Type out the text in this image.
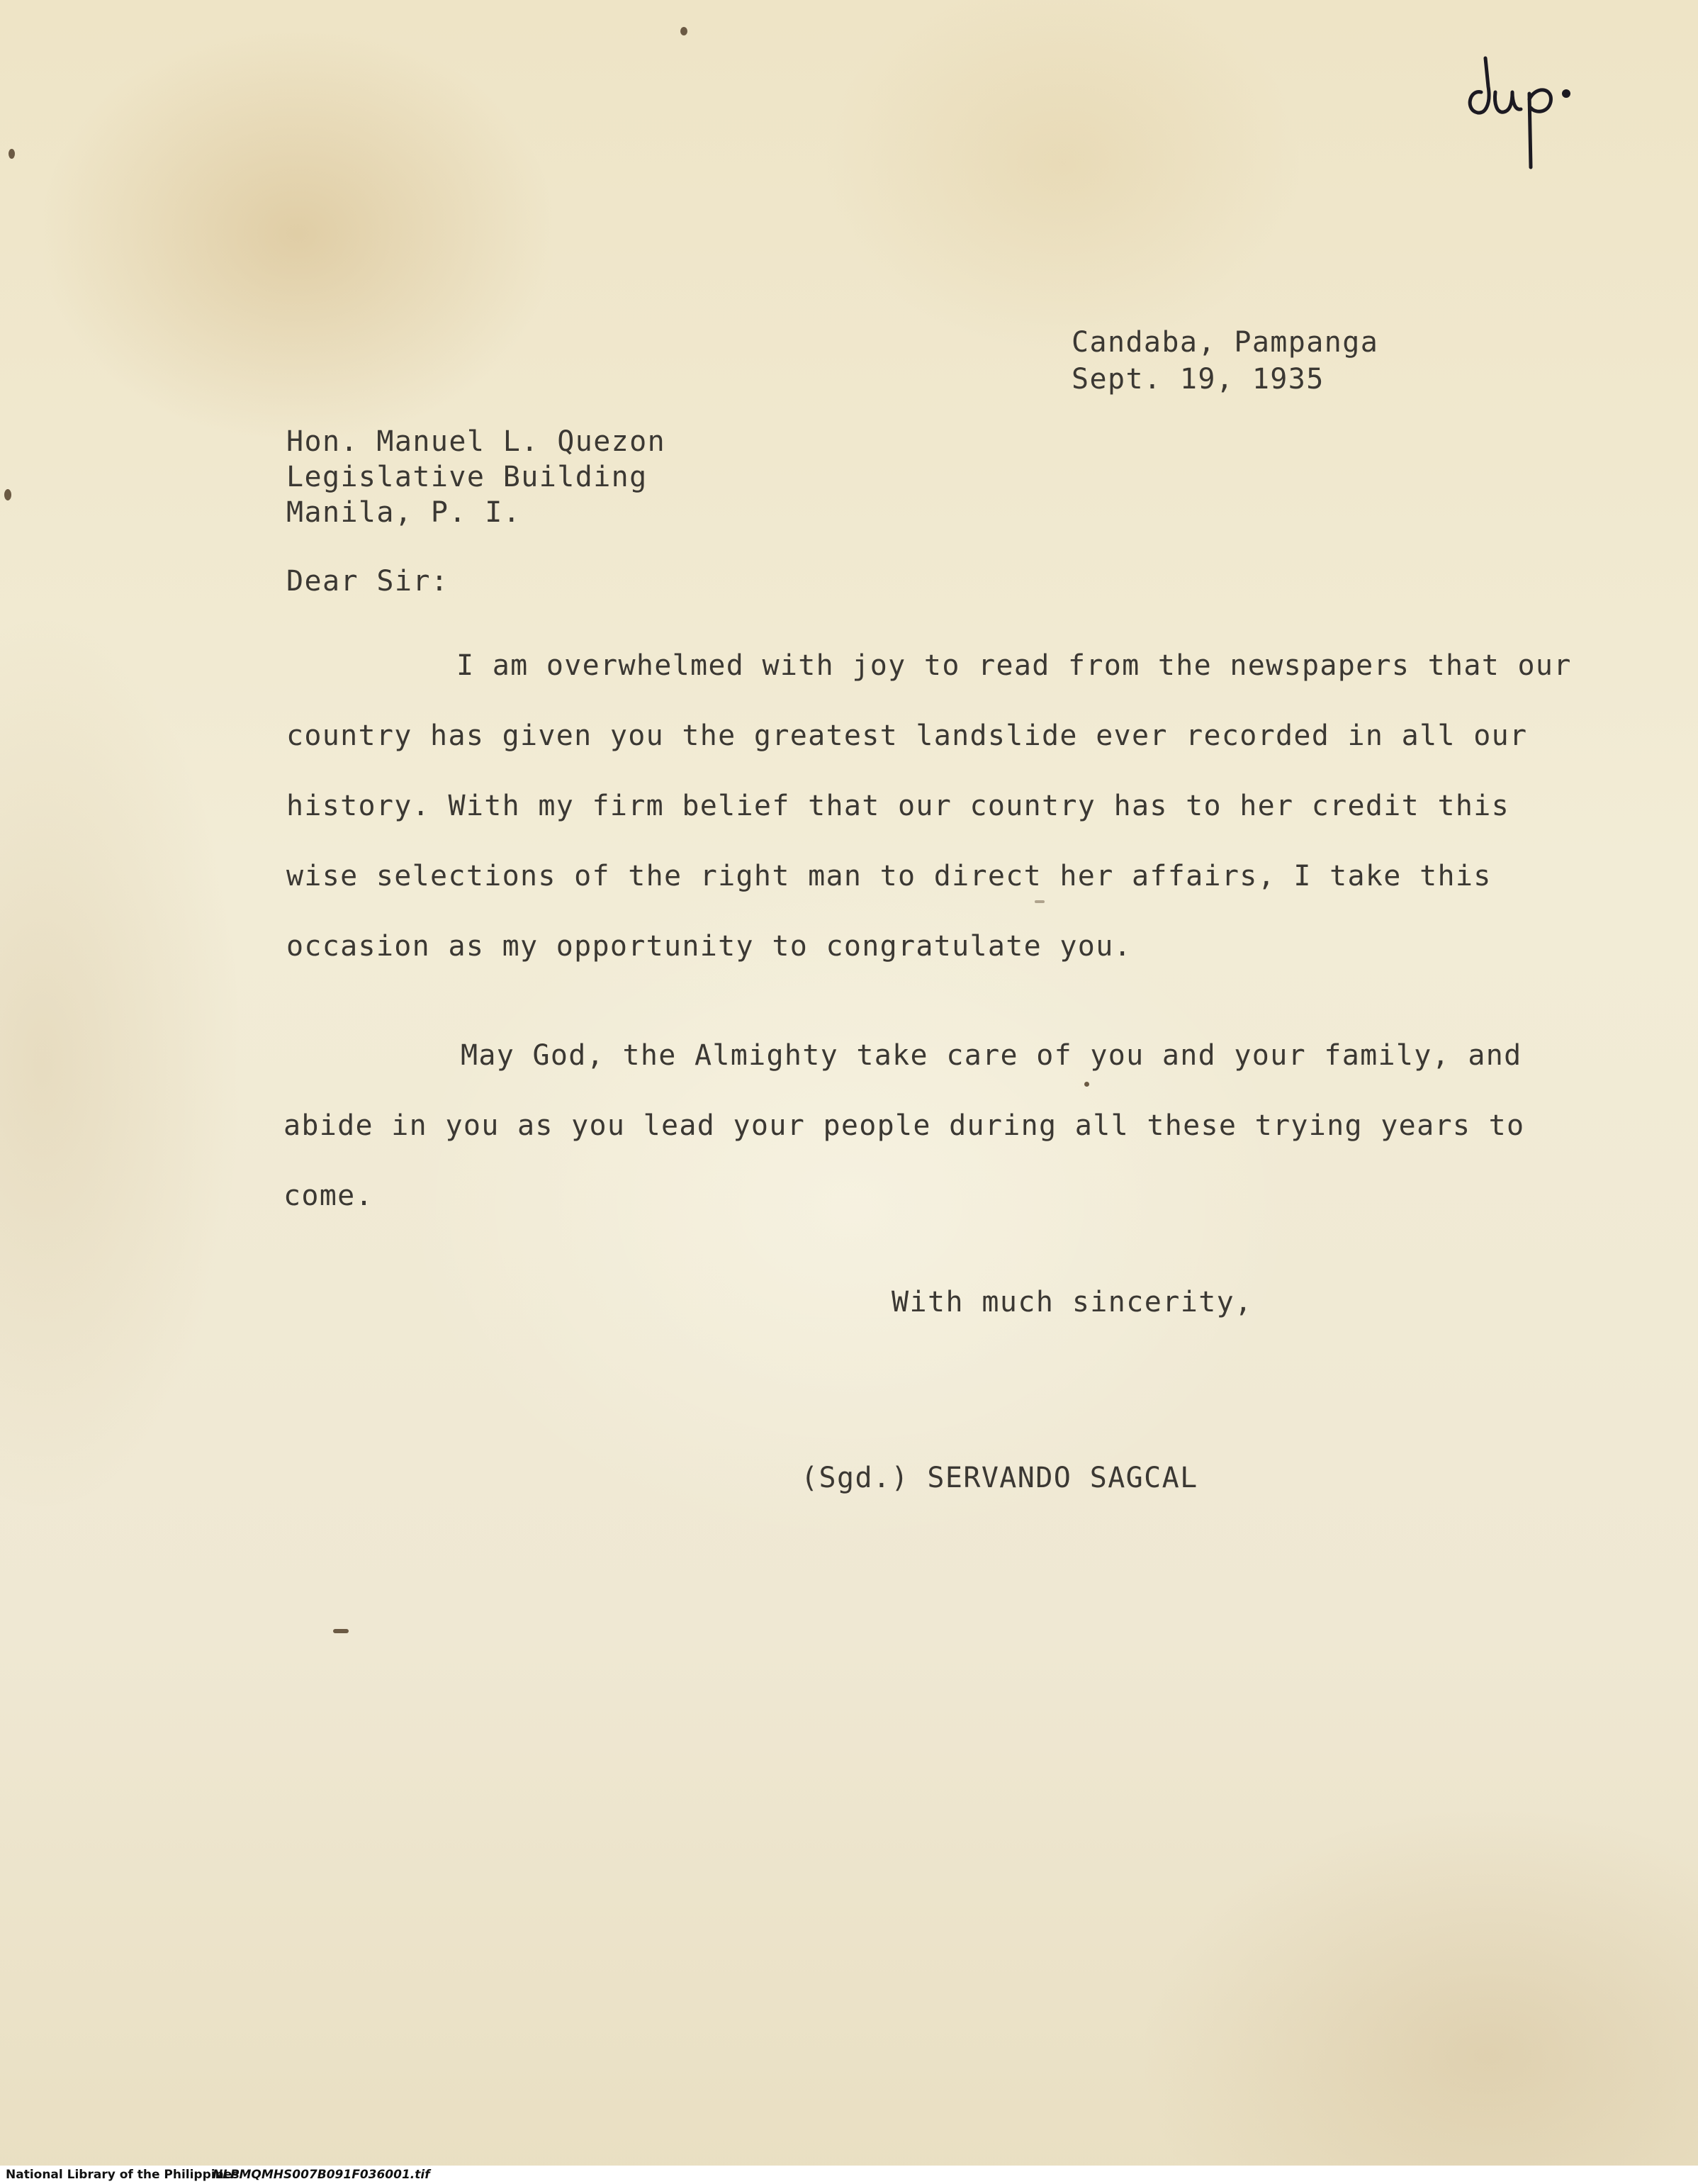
dup.
Candaba, Pampanga
Sept. 19, 1935
Hon. Manuel L. Quezon
Legislative Building
Manila, P. I.
Dear Sir:
I am overwhelmed with joy to read from the newspapers that our
country has given you the greatest landslide ever recorded in all our
history. With my firm belief that our country has to her credit this
wise selections of the right man to direct her affairs, I take this
occasion as my opportunity to congratulate you.
May God, the Almighty take care of you and your family, and
abide in you as you lead your people during all these trying years to
come.
With much sincerity,
(Sgd.) SERVANDO SAGCAL
National Library of the Philippines
NLPMQMHS007B091F036001.tif
